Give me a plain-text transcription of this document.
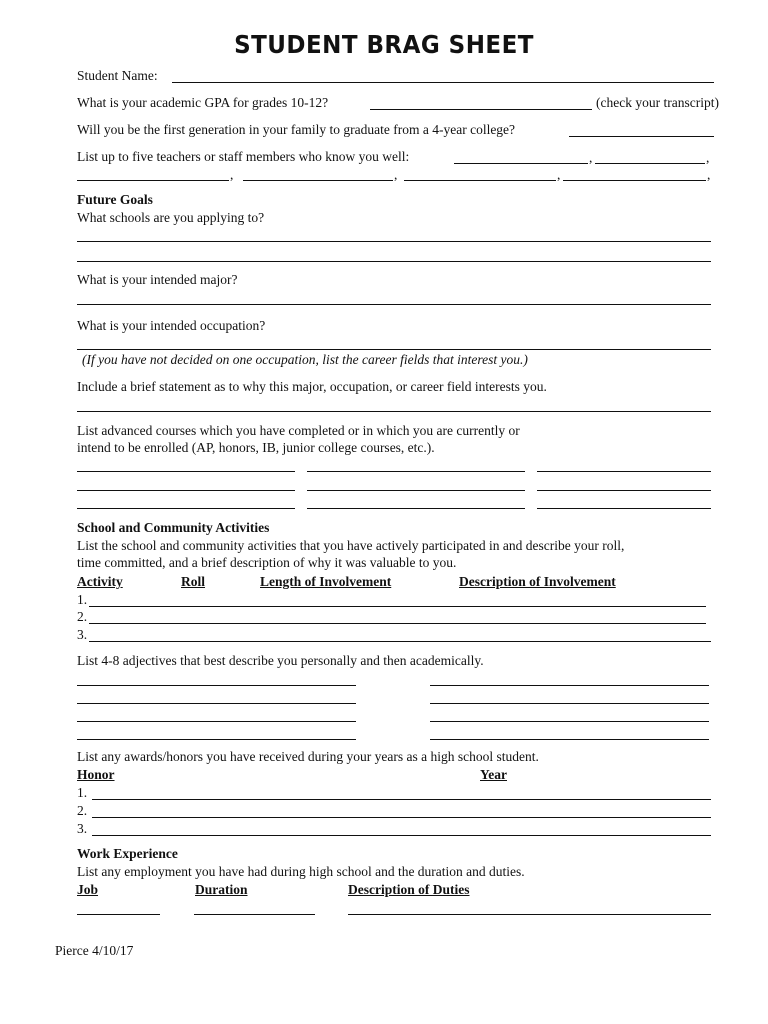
STUDENT BRAG SHEET
Student Name:
What is your academic GPA for grades 10-12?	(check your transcript)
Will you be the first generation in your family to graduate from a 4-year college?
List up to five teachers or staff members who know you well:	,	,
,	,	,	,
Future Goals
What schools are you applying to?
What is your intended major?
What is your intended occupation?
(If you have not decided on one occupation, list the career fields that interest you.)
Include a brief statement as to why this major, occupation, or career field interests you.
List advanced courses which you have completed or in which you are currently or
intend to be enrolled (AP, honors, IB, junior college courses, etc.).
School and Community Activities
List the school and community activities that you have actively participated in and describe your roll,
time committed, and a brief description of why it was valuable to you.
Activity	Roll	Length of Involvement	Description of Involvement
1.
2.
3.
List 4-8 adjectives that best describe you personally and then academically.
List any awards/honors you have received during your years as a high school student.
Honor	Year
1.
2.
3.
Work Experience
List any employment you have had during high school and the duration and duties.
Job	Duration	Description of Duties
Pierce 4/10/17
